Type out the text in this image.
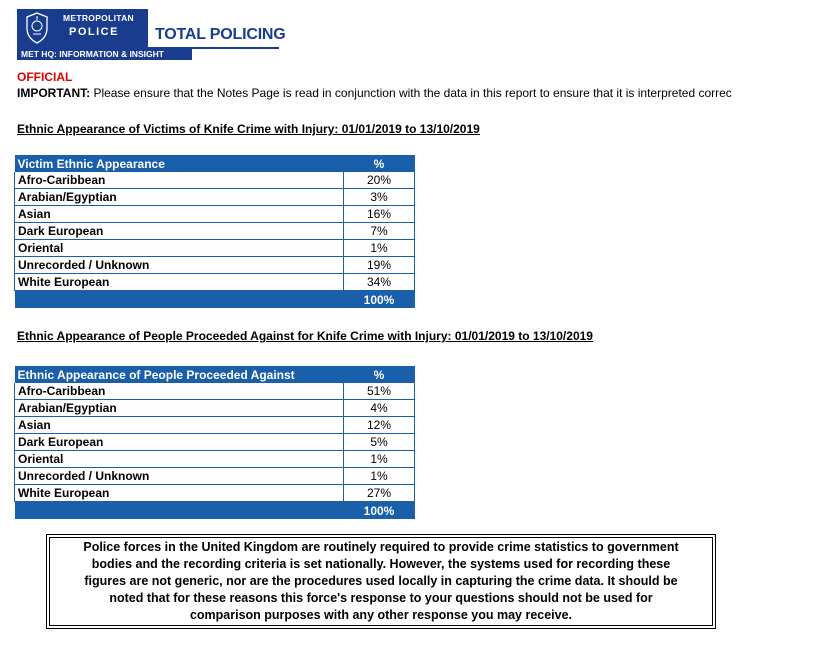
METROPOLITAN
POLICE TOTAL POLICING
MET HQ: INFORMATION & INSIGHT
OFFICIAL
IMPORTANT: Please ensure that the Notes Page is read in conjunction with the data in this report to ensure that it is interpreted correc
Ethnic Appearance of Victims of Knife Crime with Injury: 01/01/2019 to 13/10/2019
Victim Ethnic Appearance	%
Afro-Caribbean	20%
Arabian/Egyptian	3%
Asian	16%
Dark European	7%
Oriental	1%
Unrecorded / Unknown	19%
White European	34%
	100%
Ethnic Appearance of People Proceeded Against for Knife Crime with Injury: 01/01/2019 to 13/10/2019
Ethnic Appearance of People Proceeded Against	%
Afro-Caribbean	51%
Arabian/Egyptian	4%
Asian	12%
Dark European	5%
Oriental	1%
Unrecorded / Unknown	1%
White European	27%
	100%
Police forces in the United Kingdom are routinely required to provide crime statistics to government
bodies and the recording criteria is set nationally. However, the systems used for recording these
figures are not generic, nor are the procedures used locally in capturing the crime data. It should be
noted that for these reasons this force's response to your questions should not be used for
comparison purposes with any other response you may receive.
